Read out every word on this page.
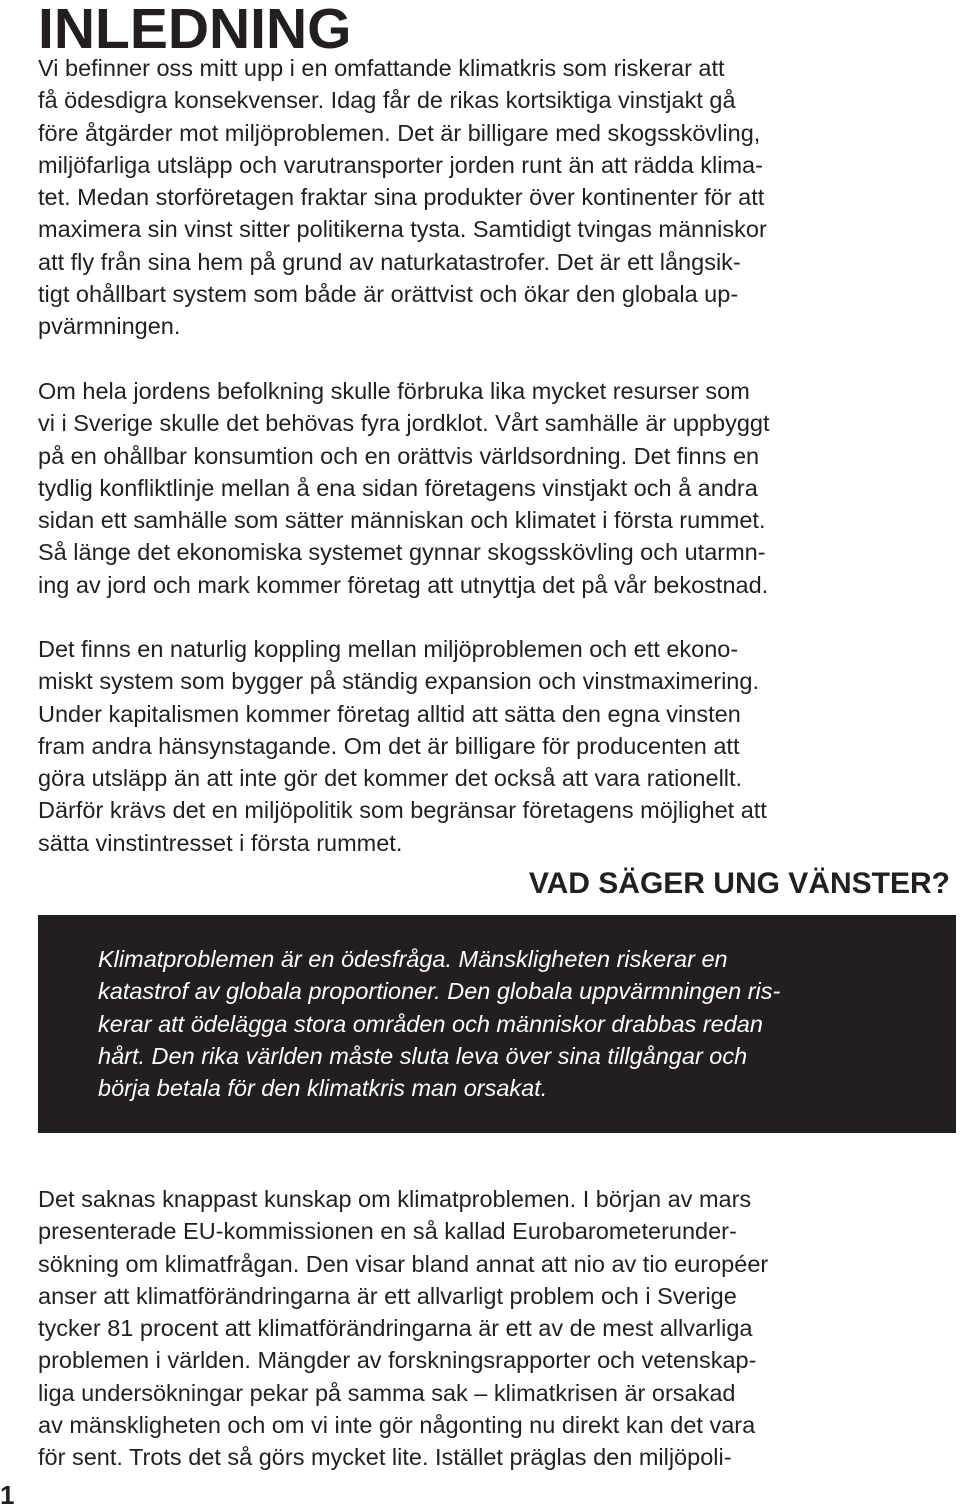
INLEDNING

Vi befinner oss mitt upp i en omfattande klimatkris som riskerar att
få ödesdigra konsekvenser. Idag får de rikas kortsiktiga vinstjakt gå
före åtgärder mot miljöproblemen. Det är billigare med skogsskövling,
miljöfarliga utsläpp och varutransporter jorden runt än att rädda klima-
tet. Medan storföretagen fraktar sina produkter över kontinenter för att
maximera sin vinst sitter politikerna tysta. Samtidigt tvingas människor
att fly från sina hem på grund av naturkatastrofer. Det är ett långsik-
tigt ohållbart system som både är orättvist och ökar den globala up-
pvärmningen.

Om hela jordens befolkning skulle förbruka lika mycket resurser som
vi i Sverige skulle det behövas fyra jordklot. Vårt samhälle är uppbyggt
på en ohållbar konsumtion och en orättvis världsordning. Det finns en
tydlig konfliktlinje mellan å ena sidan företagens vinstjakt och å andra
sidan ett samhälle som sätter människan och klimatet i första rummet.
Så länge det ekonomiska systemet gynnar skogsskövling och utarmn-
ing av jord och mark kommer företag att utnyttja det på vår bekostnad.

Det finns en naturlig koppling mellan miljöproblemen och ett ekono-
miskt system som bygger på ständig expansion och vinstmaximering.
Under kapitalismen kommer företag alltid att sätta den egna vinsten
fram andra hänsynstagande. Om det är billigare för producenten att
göra utsläpp än att inte gör det kommer det också att vara rationellt.
Därför krävs det en miljöpolitik som begränsar företagens möjlighet att
sätta vinstintresset i första rummet.

VAD SÄGER UNG VÄNSTER?

Klimatproblemen är en ödesfråga. Mänskligheten riskerar en
katastrof av globala proportioner. Den globala uppvärmningen ris-
kerar att ödelägga stora områden och människor drabbas redan
hårt. Den rika världen måste sluta leva över sina tillgångar och
börja betala för den klimatkris man orsakat.

Det saknas knappast kunskap om klimatproblemen. I början av mars
presenterade EU-kommissionen en så kallad Eurobarometerunder-
sökning om klimatfrågan. Den visar bland annat att nio av tio européer
anser att klimatförändringarna är ett allvarligt problem och i Sverige
tycker 81 procent att klimatförändringarna är ett av de mest allvarliga
problemen i världen. Mängder av forskningsrapporter och vetenskap-
liga undersökningar pekar på samma sak – klimatkrisen är orsakad
av mänskligheten och om vi inte gör någonting nu direkt kan det vara
för sent. Trots det så görs mycket lite. Istället präglas den miljöpoli-

1
